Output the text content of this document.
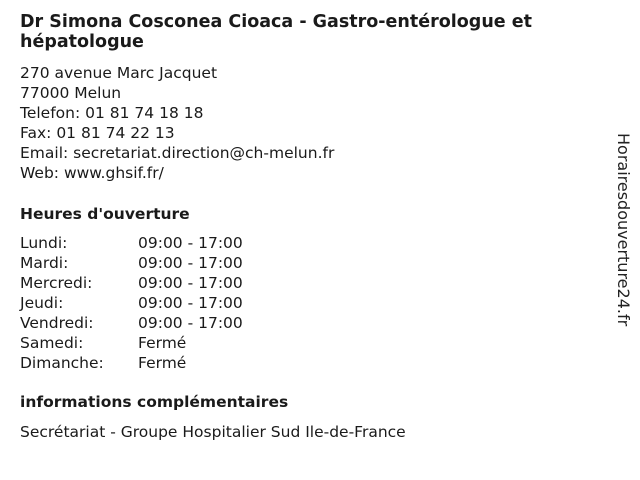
Dr Simona Cosconea Cioaca - Gastro-entérologue et hépatologue
270 avenue Marc Jacquet
77000 Melun
Telefon: 01 81 74 18 18
Fax: 01 81 74 22 13
Email: secretariat.direction@ch-melun.fr
Web: www.ghsif.fr/
Heures d'ouverture
Lundi:	09:00 - 17:00
Mardi:	09:00 - 17:00
Mercredi:	09:00 - 17:00
Jeudi:	09:00 - 17:00
Vendredi:	09:00 - 17:00
Samedi:	Fermé
Dimanche: Fermé
informations complémentaires
Secrétariat - Groupe Hospitalier Sud Ile-de-France
Horairesdouverture24.fr
